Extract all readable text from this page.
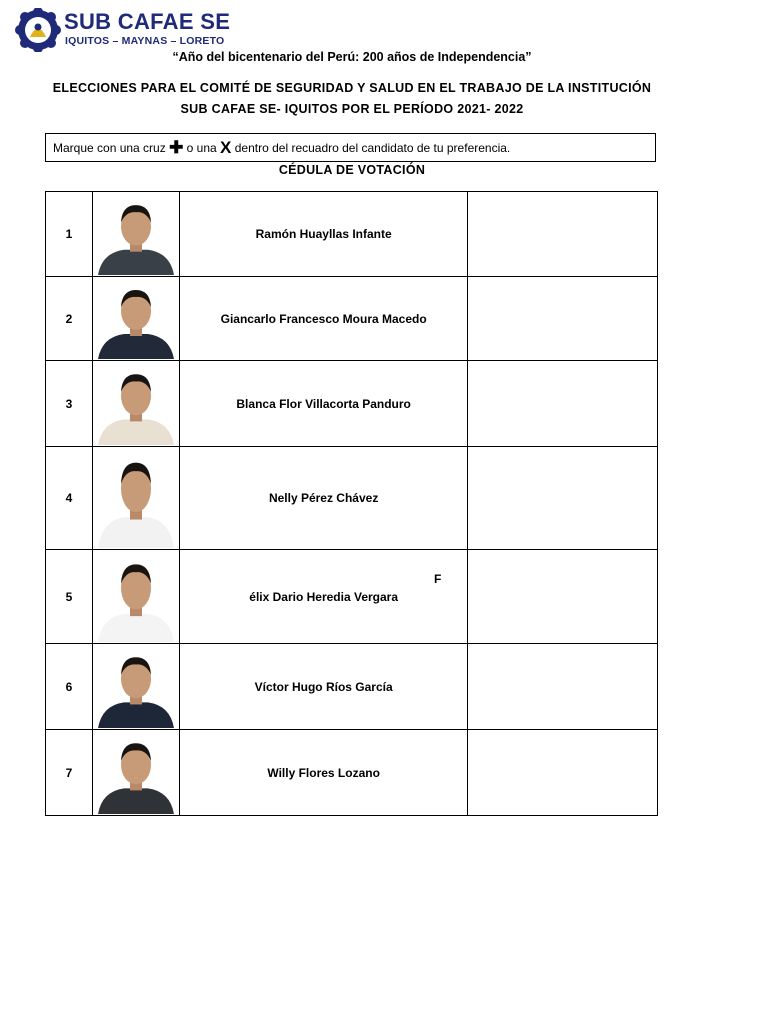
SUB CAFAE SE
IQUITOS – MAYNAS – LORETO
“Año del bicentenario del Perú: 200 años de Independencia”
ELECCIONES PARA EL COMITÉ DE SEGURIDAD Y SALUD EN EL TRABAJO DE LA INSTITUCIÓN
SUB CAFAE SE- IQUITOS POR EL PERÍODO 2021- 2022
Marque con una cruz ✚ o una X dentro del recuadro del candidato de tu preferencia.
CÉDULA DE VOTACIÓN
1		Ramón Huayllas Infante	
2		Giancarlo Francesco Moura Macedo	
3		Blanca Flor Villacorta Panduro	
4		Nelly Pérez Chávez	
5		élix Dario Heredia Vergara
F	

6		Víctor Hugo Ríos García	
7		Willy Flores Lozano	
